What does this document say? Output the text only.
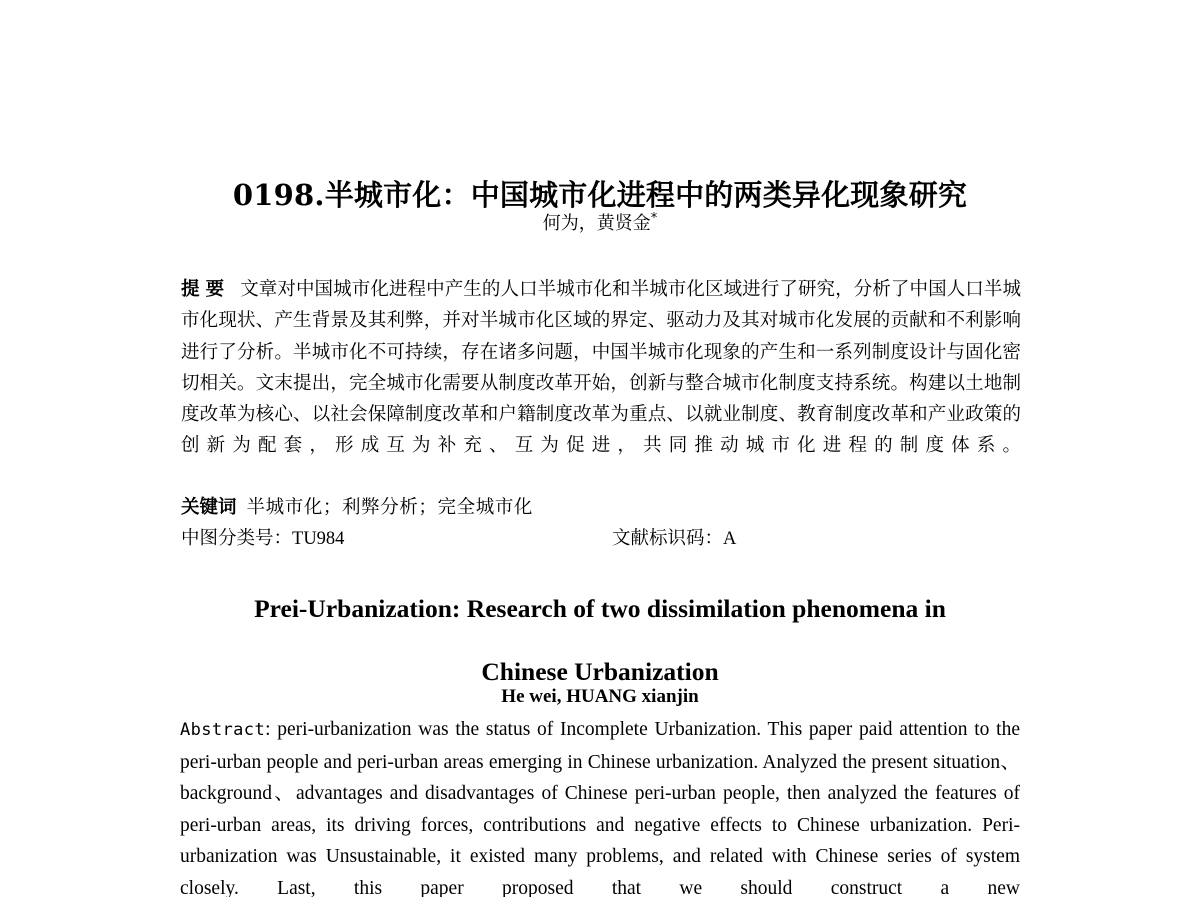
0198.半城市化：中国城市化进程中的两类异化现象研究
何为，黄贤金*
提要 文章对中国城市化进程中产生的人口半城市化和半城市化区域进行了研究，分析了中国人口半城市化现状、产生背景及其利弊，并对半城市化区域的界定、驱动力及其对城市化发展的贡献和不利影响进行了分析。半城市化不可持续，存在诸多问题，中国半城市化现象的产生和一系列制度设计与固化密切相关。文末提出，完全城市化需要从制度改革开始，创新与整合城市化制度支持系统。构建以土地制度改革为核心、以社会保障制度改革和户籍制度改革为重点、以就业制度、教育制度改革和产业政策的创新为配套，形成互为补充、互为促进，共同推动城市化进程的制度体系。
关键词 半城市化；利弊分析；完全城市化
中图分类号：TU984	文献标识码：A
Prei-Urbanization: Research of two dissimilation phenomena in
Chinese Urbanization
He wei, HUANG xianjin
Abstract: peri-urbanization was the status of Incomplete Urbanization. This paper paid attention to the peri-urban people and peri-urban areas emerging in Chinese urbanization. Analyzed the present situation、background、advantages and disadvantages of Chinese peri-urban people, then analyzed the features of peri-urban areas, its driving forces, contributions and negative effects to Chinese urbanization. Peri-urbanization was Unsustainable, it existed many problems, and related with Chinese series of system closely. Last, this paper proposed that we should construct a new
